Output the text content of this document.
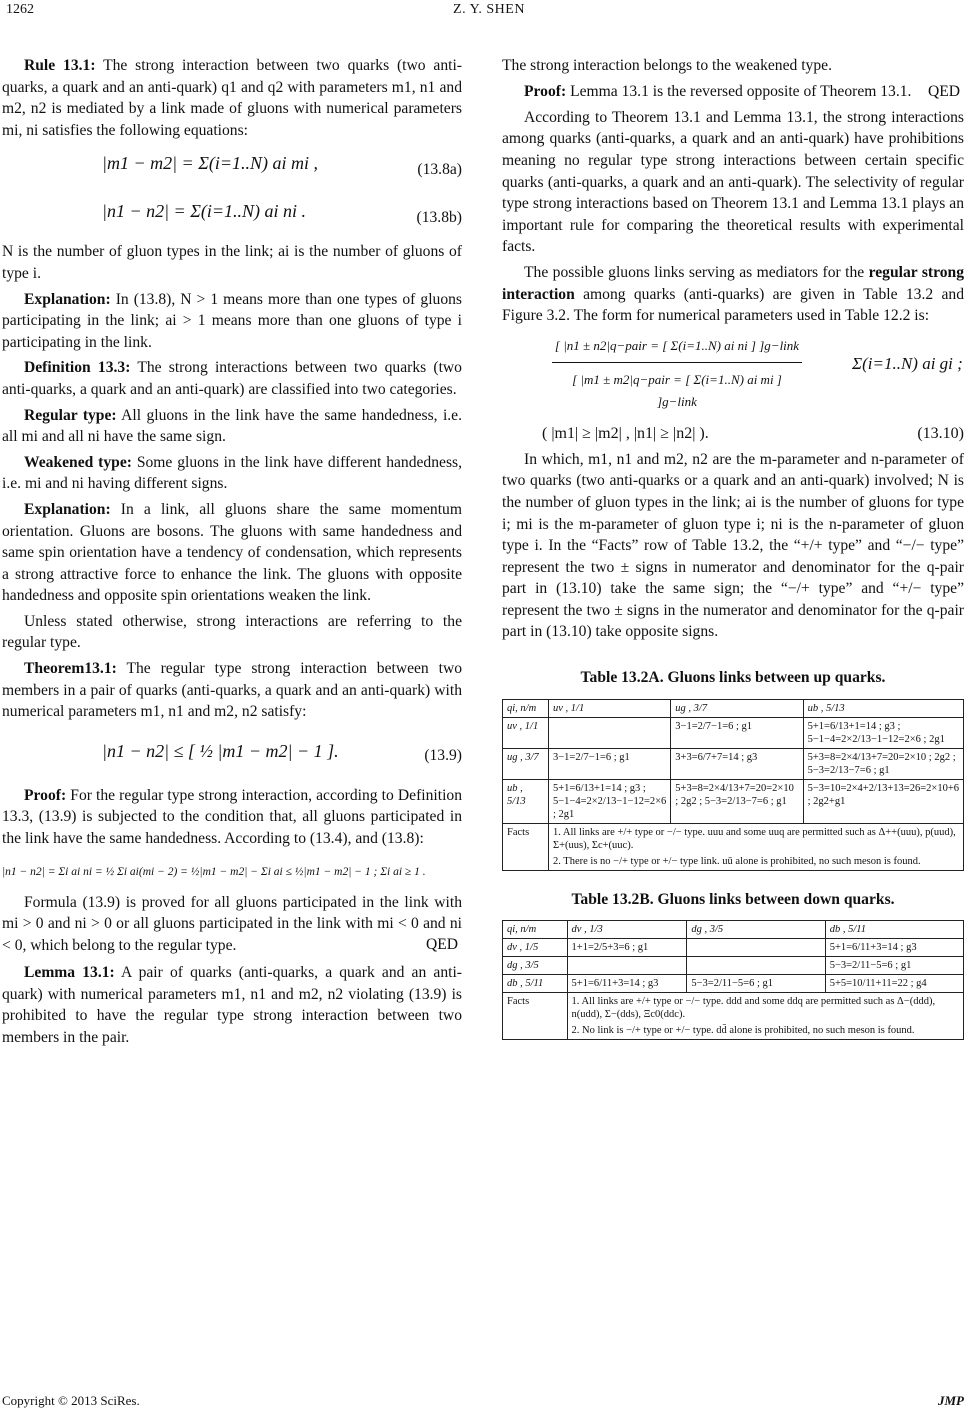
1262	Z. Y. SHEN

Rule 13.1: The strong interaction between two quarks (two anti-quarks, a quark and an anti-quark) q1 and q2 with parameters m1, n1 and m2, n2 is mediated by a link made of gluons with numerical parameters mi, ni satisfies the following equations:

|m1 − m2| = Σ(i=1..N) ai mi ,	(13.8a)
|n1 − n2| = Σ(i=1..N) ai ni .	(13.8b)

N is the number of gluon types in the link; ai is the number of gluons of type i.

Explanation: In (13.8), N > 1 means more than one types of gluons participating in the link; ai > 1 means more than one gluons of type i participating in the link.

Definition 13.3: The strong interactions between two quarks (two anti-quarks, a quark and an anti-quark) are classified into two categories.

Regular type: All gluons in the link have the same handedness, i.e. all mi and all ni have the same sign.

Weakened type: Some gluons in the link have different handedness, i.e. mi and ni having different signs.

Explanation: In a link, all gluons share the same momentum orientation. Gluons are bosons. The gluons with same handedness and same spin orientation have a tendency of condensation, which represents a strong attractive force to enhance the link. The gluons with opposite handedness and opposite spin orientations weaken the link.

Unless stated otherwise, strong interactions are referring to the regular type.

Theorem13.1: The regular type strong interaction between two members in a pair of quarks (anti-quarks, a quark and an anti-quark) with numerical parameters m1, n1 and m2, n2 satisfy:

|n1 − n2| ≤ [ ½ |m1 − m2| − 1 ].	(13.9)

Proof: For the regular type strong interaction, according to Definition 13.3, (13.9) is subjected to the condition that, all gluons participated in the link have the same handedness. According to (13.4), and (13.8):

|n1 − n2| = Σi ai ni = ½ Σi ai(mi − 2) = ½|m1 − m2| − Σi ai ≤ ½|m1 − m2| − 1 ; Σi ai ≥ 1 .

Formula (13.9) is proved for all gluons participated in the link with mi > 0 and ni > 0 or all gluons participated in the link with mi < 0 and ni < 0, which belong to the regular type.	QED

Lemma 13.1: A pair of quarks (anti-quarks, a quark and an anti-quark) with numerical parameters m1, n1 and m2, n2 violating (13.9) is prohibited to have the regular type strong interaction between two members in the pair.

The strong interaction belongs to the weakened type.

Proof: Lemma 13.1 is the reversed opposite of Theorem 13.1.	QED

According to Theorem 13.1 and Lemma 13.1, the strong interactions among quarks (anti-quarks, a quark and an anti-quark) have prohibitions meaning no regular type strong interactions between certain specific quarks (anti-quarks, a quark and an anti-quark). The selectivity of regular type strong interactions based on Theorem 13.1 and Lemma 13.1 plays an important rule for comparing the theoretical results with experimental facts.

The possible gluons links serving as mediators for the regular strong interaction among quarks (anti-quarks) are given in Table 13.2 and Figure 3.2. The form for numerical parameters used in Table 12.2 is:

[ |n1 ± n2|q−pair = [ Σ(i=1..N) ai ni ] ]g−link
[ |m1 ± m2|q−pair = [ Σ(i=1..N) ai mi ] ]g−link
Σ(i=1..N) ai gi ;
( |m1| ≥ |m2| , |n1| ≥ |n2| ).	(13.10)

In which, m1, n1 and m2, n2 are the m-parameter and n-parameter of two quarks (two anti-quarks or a quark and an anti-quark) involved; N is the number of gluon types in the link; ai is the number of gluons for type i; mi is the m-parameter of gluon type i; ni is the n-parameter of gluon type i. In the “Facts” row of Table 13.2, the “+/+ type” and “−/− type” represent the two ± signs in numerator and denominator for the q-pair part in (13.10) take the same sign; the “−/+ type” and “+/− type” represent the two ± signs in the numerator and denominator for the q-pair part in (13.10) take opposite signs.

Table 13.2A. Gluons links between up quarks.
qi, n/m	uv , 1/1	ug , 3/7	ub , 5/13
uv , 1/1		3−1=2/7−1=6 ; g1	5+1=6/13+1=14 ; g3 ; 5−1−4=2×2/13−1−12=2×6 ; 2g1
ug , 3/7	3−1=2/7−1=6 ; g1	3+3=6/7+7=14 ; g3	5+3=8=2×4/13+7=20=2×10 ; 2g2 ; 5−3=2/13−7=6 ; g1
ub , 5/13	5+1=6/13+1=14 ; g3 ; 5−1−4=2×2/13−1−12=2×6 ; 2g1	5+3=8=2×4/13+7=20=2×10 ; 2g2 ; 5−3=2/13−7=6 ; g1	5−3=10=2×4+2/13+13=26=2×10+6 ; 2g2+g1
Facts	1. All links are +/+ type or −/− type. uuu and some uuq are permitted such as Δ++(uuu), p(uud), Σ+(uus), Σc+(uuc).
2. There is no −/+ type or +/− type link. uū alone is prohibited, no such meson is found.		
Table 13.2B. Gluons links between down quarks.
qi, n/m	dv , 1/3	dg , 3/5	db , 5/11
dv , 1/5	1+1=2/5+3=6 ; g1		5+1=6/11+3=14 ; g3
dg , 3/5			5−3=2/11−5=6 ; g1
db , 5/11	5+1=6/11+3=14 ; g3	5−3=2/11−5=6 ; g1	5+5=10/11+11=22 ; g4
Facts	1. All links are +/+ type or −/− type. ddd and some ddq are permitted such as Δ−(ddd), n(udd), Σ−(dds), Ξc0(ddc).
2. No link is −/+ type or +/− type. dd̄ alone is prohibited, no such meson is found.		
Copyright © 2013 SciRes.	JMP
